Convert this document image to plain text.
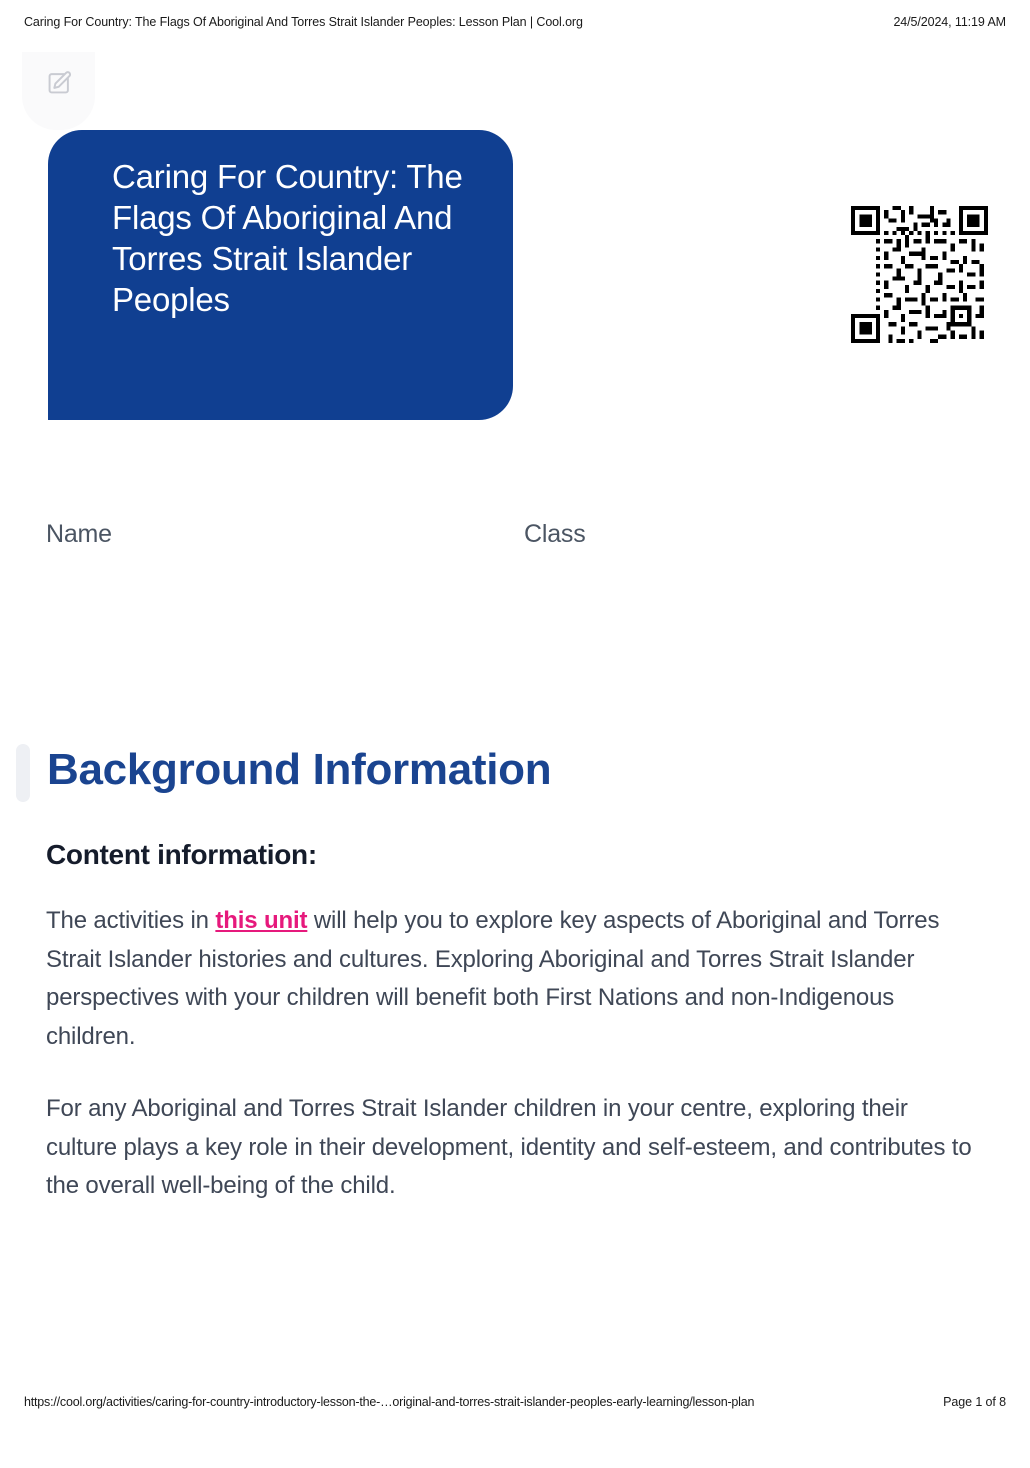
Caring For Country: The Flags Of Aboriginal And Torres Strait Islander Peoples: Lesson Plan | Cool.org	24/5/2024, 11:19 AM
Caring For Country: The Flags Of Aboriginal And Torres Strait Islander Peoples
Name	Class
Background Information
Content information:

The activities in this unit will help you to explore key aspects of Aboriginal and Torres Strait Islander histories and cultures. Exploring Aboriginal and Torres Strait Islander perspectives with your children will benefit both First Nations and non-Indigenous children.

For any Aboriginal and Torres Strait Islander children in your centre, exploring their culture plays a key role in their development, identity and self-esteem, and contributes to the overall well-being of the child.

https://cool.org/activities/caring-for-country-introductory-lesson-the-…original-and-torres-strait-islander-peoples-early-learning/lesson-plan	Page 1 of 8
